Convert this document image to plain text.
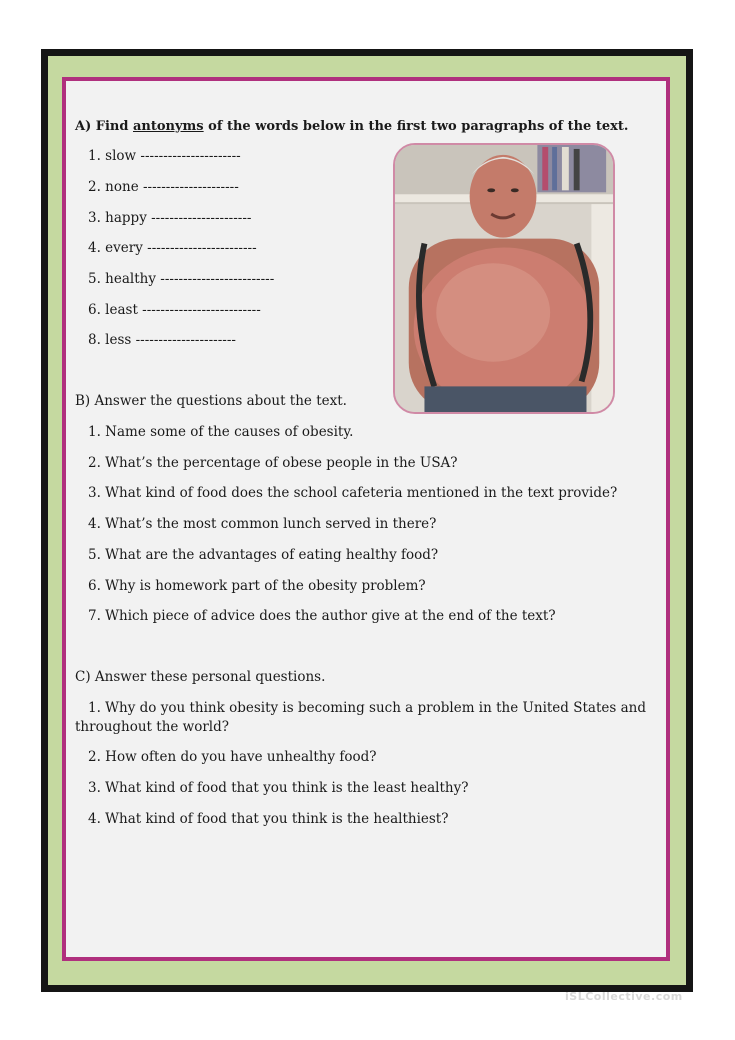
A) Find antonyms of the words below in the first two paragraphs of the text.

1. slow ----------------------

2. none ---------------------

3. happy ----------------------

4. every ------------------------

5. healthy -------------------------

6. least --------------------------

8. less ----------------------

B) Answer the questions about the text.

1. Name some of the causes of obesity.

2. What’s the percentage of obese people in the USA?

3. What kind of food does the school cafeteria mentioned in the text provide?

4. What’s the most common lunch served in there?

5. What are the advantages of eating healthy food?

6. Why is homework part of the obesity problem?

7. Which piece of advice does the author give at the end of the text?

C) Answer these personal questions.

1. Why do you think obesity is becoming such a problem in the United States and

throughout the world?

2. How often do you have unhealthy food?

3. What kind of food that you think is the least healthy?

4. What kind of food that you think is the healthiest?

iSLCollective.com
